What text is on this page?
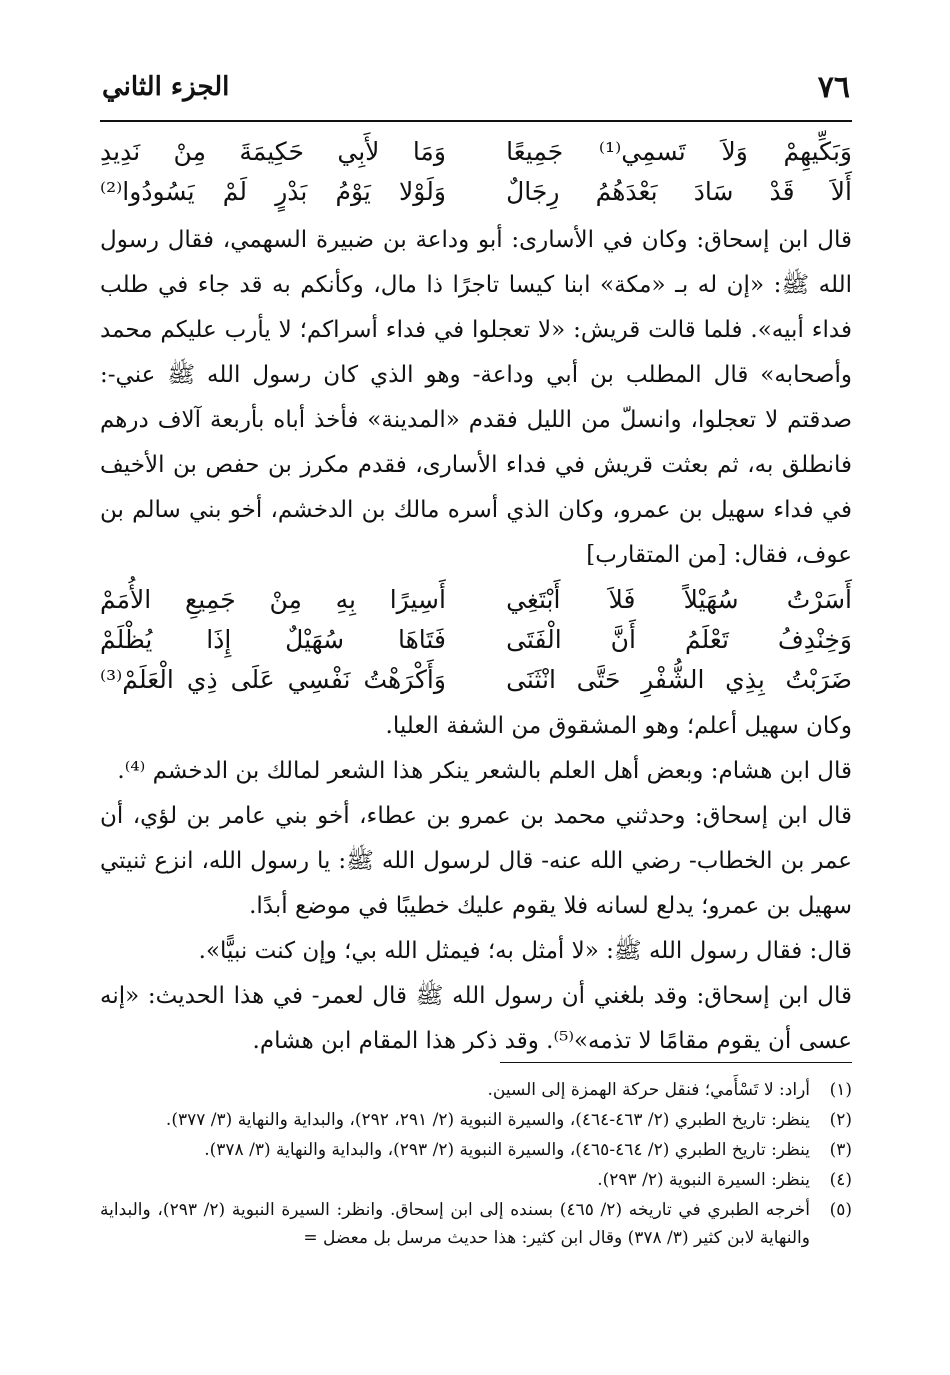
٧٦
الجزء الثاني
وَبَكِّيهِمْ وَلاَ تَسمِي⁽¹⁾ جَمِيعًا
وَمَا لأَبِي حَكِيمَةَ مِنْ نَدِيدِ
أَلاَ قَدْ سَادَ بَعْدَهُمُ رِجَالٌ
وَلَوْلا يَوْمُ بَدْرٍ لَمْ يَسُودُوا⁽²⁾

قال ابن إسحاق: وكان في الأسارى: أبو وداعة بن ضبيرة السهمي، فقال رسول الله ﷺ: «إن له بـ «مكة» ابنا كيسا تاجرًا ذا مال، وكأنكم به قد جاء في طلب فداء أبيه». فلما قالت قريش: «لا تعجلوا في فداء أسراكم؛ لا يأرب عليكم محمد وأصحابه» قال المطلب بن أبي وداعة- وهو الذي كان رسول الله ﷺ عني-: صدقتم لا تعجلوا، وانسلّ من الليل فقدم «المدينة» فأخذ أباه بأربعة آلاف درهم فانطلق به، ثم بعثت قريش في فداء الأسارى، فقدم مكرز بن حفص بن الأخيف في فداء سهيل بن عمرو، وكان الذي أسره مالك بن الدخشم، أخو بني سالم بن عوف، فقال: [من المتقارب]

أَسَرْتُ سُهَيْلاً فَلاَ أَبْتَغِي
أَسِيرًا بِهِ مِنْ جَمِيعِ الأُمَمْ
وَخِنْدِفُ تَعْلَمُ أَنَّ الْفَتَى
فَتَاهَا سُهَيْلٌ إِذَا يُظْلَمْ
ضَرَبْتُ بِذِي الشُّفْرِ حَتَّى انْثَنَى
وَأَكْرَهْتُ نَفْسِي عَلَى ذِي الْعَلَمْ⁽³⁾

وكان سهيل أعلم؛ وهو المشقوق من الشفة العليا.

قال ابن هشام: وبعض أهل العلم بالشعر ينكر هذا الشعر لمالك بن الدخشم ⁽⁴⁾.

قال ابن إسحاق: وحدثني محمد بن عمرو بن عطاء، أخو بني عامر بن لؤي، أن عمر بن الخطاب- رضي الله عنه- قال لرسول الله ﷺ: يا رسول الله، انزع ثنيتي سهيل بن عمرو؛ يدلع لسانه فلا يقوم عليك خطيبًا في موضع أبدًا.

قال: فقال رسول الله ﷺ: «لا أمثل به؛ فيمثل الله بي؛ وإن كنت نبيًّا».

قال ابن إسحاق: وقد بلغني أن رسول الله ﷺ قال لعمر- في هذا الحديث: «إنه عسى أن يقوم مقامًا لا تذمه»⁽⁵⁾. وقد ذكر هذا المقام ابن هشام.

(١)
أراد: لا تَسْأَمي؛ فنقل حركة الهمزة إلى السين.
(٢)
ينظر: تاريخ الطبري (٢/ ٤٦٣-٤٦٤)، والسيرة النبوية (٢/ ٢٩١، ٢٩٢)، والبداية والنهاية (٣/ ٣٧٧).
(٣)
ينظر: تاريخ الطبري (٢/ ٤٦٤-٤٦٥)، والسيرة النبوية (٢/ ٢٩٣)، والبداية والنهاية (٣/ ٣٧٨).
(٤)
ينظر: السيرة النبوية (٢/ ٢٩٣).
(٥)
أخرجه الطبري في تاريخه (٢/ ٤٦٥) بسنده إلى ابن إسحاق. وانظر: السيرة النبوية (٢/ ٢٩٣)، والبداية والنهاية لابن كثير (٣/ ٣٧٨) وقال ابن كثير: هذا حديث مرسل بل معضل =
